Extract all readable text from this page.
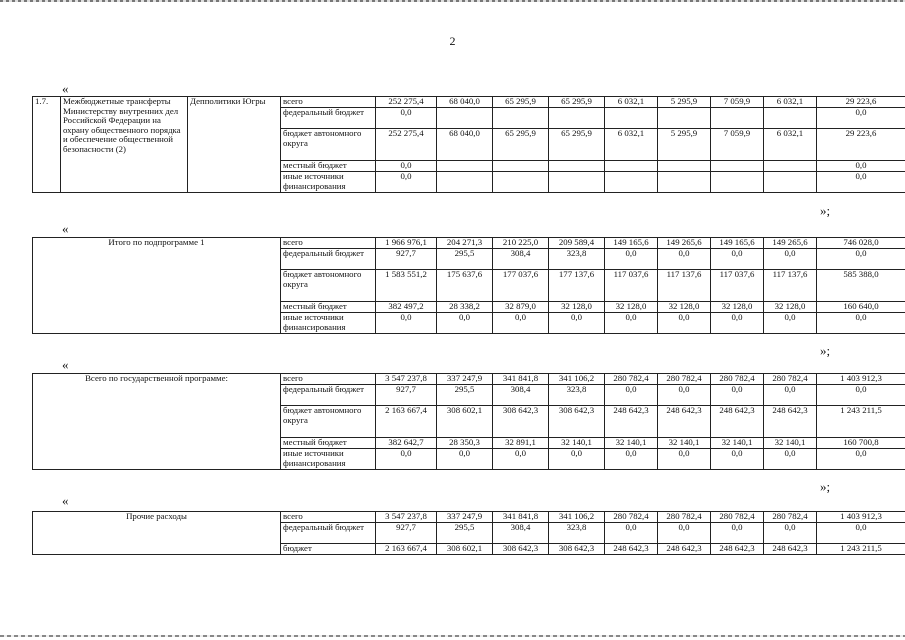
2
«
1.7.	Межбюджетные трансферты Министерству внутренних дел Российской Федерации на охрану общественного порядка и обеспечение общественной безопасности (2)	Депполитики Югры	всего	252 275,4	68 040,0	65 295,9	65 295,9	6 032,1	5 295,9	7 059,9	6 032,1	29 223,6
			федеральный бюджет	0,0								0,0
			бюджет автономного округа	252 275,4	68 040,0	65 295,9	65 295,9	6 032,1	5 295,9	7 059,9	6 032,1	29 223,6
			местный бюджет	0,0								0,0
			иные источники финансирования	0,0								0,0
»;
«
Итого по подпрограмме 1	всего	1 966 976,1	204 271,3	210 225,0	209 589,4	149 165,6	149 265,6	149 165,6	149 265,6	746 028,0
	федеральный бюджет	927,7	295,5	308,4	323,8	0,0	0,0	0,0	0,0	0,0
	бюджет автономного округа	1 583 551,2	175 637,6	177 037,6	177 137,6	117 037,6	117 137,6	117 037,6	117 137,6	585 388,0
	местный бюджет	382 497,2	28 338,2	32 879,0	32 128,0	32 128,0	32 128,0	32 128,0	32 128,0	160 640,0
	иные источники финансирования	0,0	0,0	0,0	0,0	0,0	0,0	0,0	0,0	0,0
»;
«
Всего по государственной программе:	всего	3 547 237,8	337 247,9	341 841,8	341 106,2	280 782,4	280 782,4	280 782,4	280 782,4	1 403 912,3
	федеральный бюджет	927,7	295,5	308,4	323,8	0,0	0,0	0,0	0,0	0,0
	бюджет автономного округа	2 163 667,4	308 602,1	308 642,3	308 642,3	248 642,3	248 642,3	248 642,3	248 642,3	1 243 211,5
	местный бюджет	382 642,7	28 350,3	32 891,1	32 140,1	32 140,1	32 140,1	32 140,1	32 140,1	160 700,8
	иные источники финансирования	0,0	0,0	0,0	0,0	0,0	0,0	0,0	0,0	0,0
»;
«
Прочие расходы	всего	3 547 237,8	337 247,9	341 841,8	341 106,2	280 782,4	280 782,4	280 782,4	280 782,4	1 403 912,3
	федеральный бюджет	927,7	295,5	308,4	323,8	0,0	0,0	0,0	0,0	0,0
	бюджет	2 163 667,4	308 602,1	308 642,3	308 642,3	248 642,3	248 642,3	248 642,3	248 642,3	1 243 211,5
